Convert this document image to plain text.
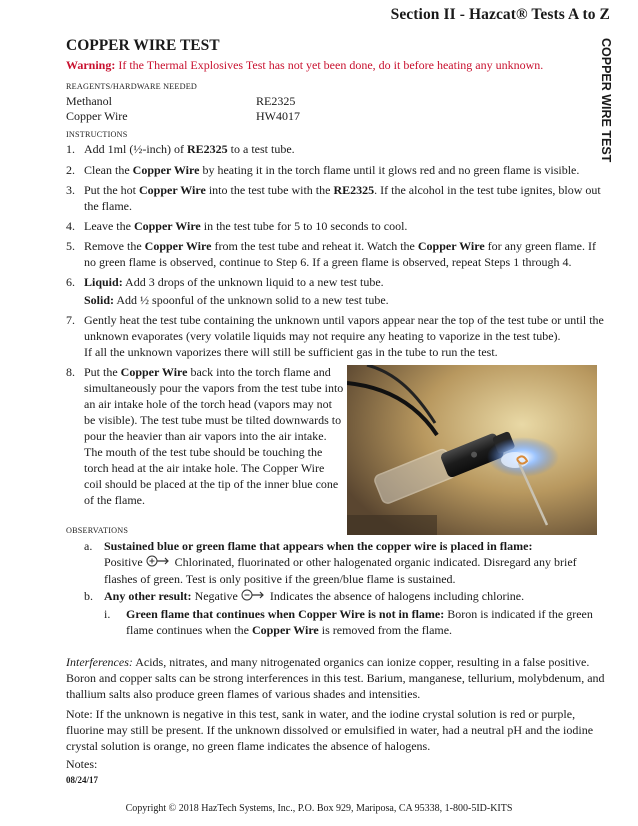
Section II - Hazcat® Tests A to Z
COPPER WIRE TEST	COPPER WIRE TEST
Warning: If the Thermal Explosives Test has not yet been done, do it before heating any unknown.
REAGENTS/HARDWARE NEEDED
Methanol	RE2325
Copper Wire	HW4017
INSTRUCTIONS
1. Add 1ml (½-inch) of RE2325 to a test tube.
2. Clean the Copper Wire by heating it in the torch flame until it glows red and no green flame is visible.
3. Put the hot Copper Wire into the test tube with the RE2325. If the alcohol in the test tube ignites, blow out the flame.
4. Leave the Copper Wire in the test tube for 5 to 10 seconds to cool.
5. Remove the Copper Wire from the test tube and reheat it. Watch the Copper Wire for any green flame. If no green flame is observed, continue to Step 6. If a green flame is observed, repeat Steps 1 through 4.
6. Liquid: Add 3 drops of the unknown liquid to a new test tube.
Solid: Add ½ spoonful of the unknown solid to a new test tube.
7. Gently heat the test tube containing the unknown until vapors appear near the top of the test tube or until the unknown evaporates (very volatile liquids may not require any heating to vaporize in the test tube).
If all the unknown vaporizes there will still be sufficient gas in the tube to run the test.
8. Put the Copper Wire back into the torch flame and simultaneously pour the vapors from the test tube into an air intake hole of the torch head (vapors may not be visible). The test tube must be tilted downwards to pour the heavier than air vapors into the air intake. The mouth of the test tube should be touching the torch head at the air intake hole. The Copper Wire coil should be placed at the tip of the inner blue cone of the flame.
OBSERVATIONS
a. Sustained blue or green flame that appears when the copper wire is placed in flame:
Positive	Chlorinated, fluorinated or other halogenated organic indicated. Disregard any brief flashes of green. Test is only positive if the green/blue flame is sustained.
b. Any other result: Negative	Indicates the absence of halogens including chlorine.
i. Green flame that continues when Copper Wire is not in flame: Boron is indicated if the green flame continues when the Copper Wire is removed from the flame.
Interferences: Acids, nitrates, and many nitrogenated organics can ionize copper, resulting in a false positive. Boron and copper salts can be strong interferences in this test. Barium, manganese, tellurium, molybdenum, and thallium salts also produce green flames of various shades and intensities.
Note: If the unknown is negative in this test, sank in water, and the iodine crystal solution is red or purple, fluorine may still be present. If the unknown dissolved or emulsified in water, had a neutral pH and the iodine crystal solution is orange, no green flame indicates the absence of halogens.
Notes:
08/24/17
Copyright © 2018 HazTech Systems, Inc., P.O. Box 929, Mariposa, CA 95338, 1-800-5ID-KITS
